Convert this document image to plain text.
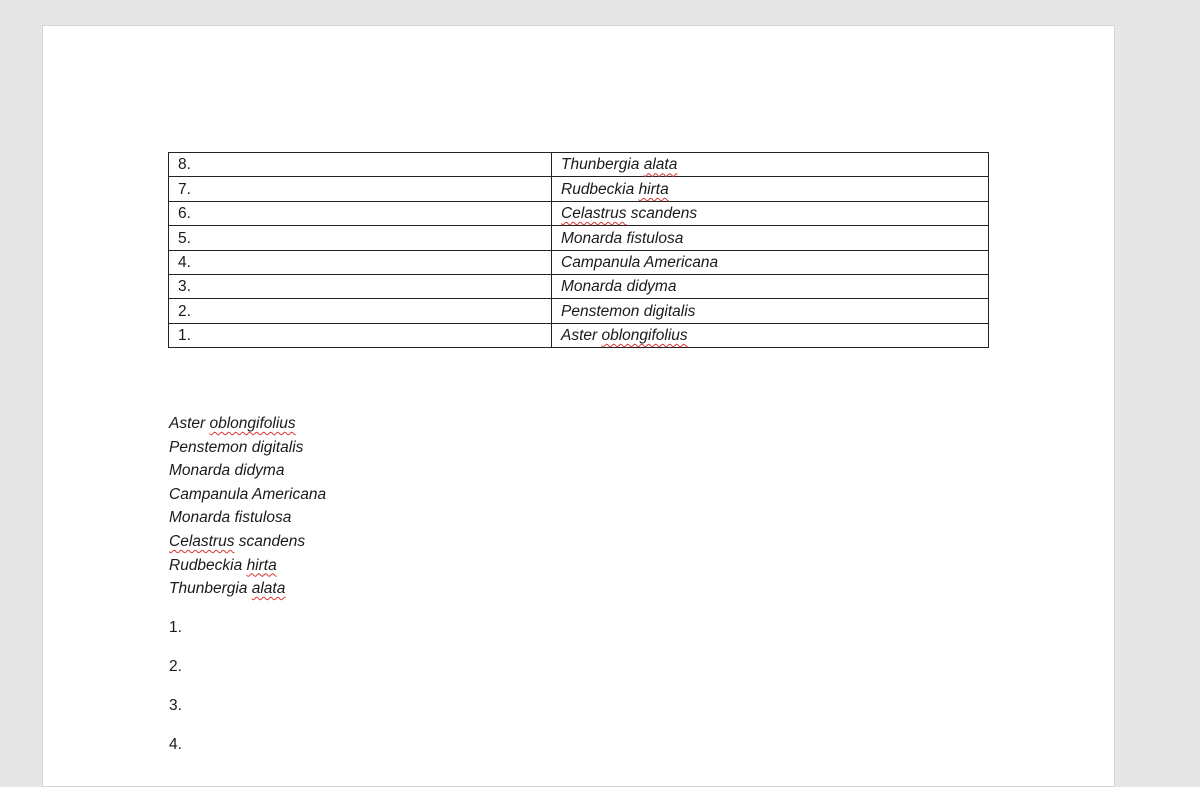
8.	Thunbergia alata
7.	Rudbeckia hirta
6.	Celastrus scandens
5.	Monarda fistulosa
4.	Campanula Americana
3.	Monarda didyma
2.	Penstemon digitalis
1.	Aster oblongifolius
Aster oblongifolius
Penstemon digitalis
Monarda didyma
Campanula Americana
Monarda fistulosa
Celastrus scandens
Rudbeckia hirta
Thunbergia alata
1.
2.
3.
4.
